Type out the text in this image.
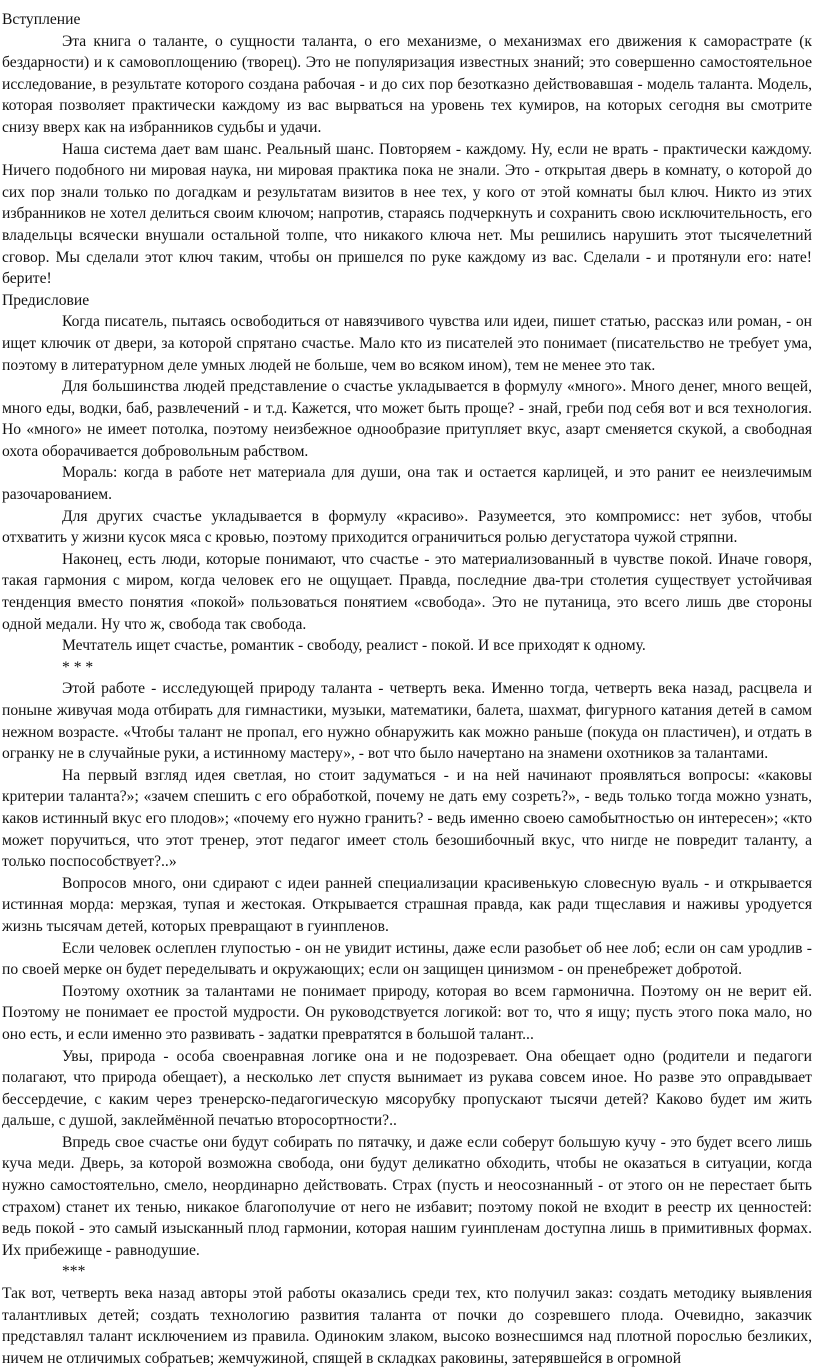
Вступление

Эта книга о таланте, о сущности таланта, о его механизме, о механизмах его движения к саморастрате (к бездарности) и к самовоплощению (творец). Это не популяризация известных знаний; это совершенно самостоятельное исследование, в результате которого создана рабочая - и до сих пор безотказно действовавшая - модель таланта. Модель, которая позволяет практически каждому из вас вырваться на уровень тех кумиров, на которых сегодня вы смотрите снизу вверх как на избранников судьбы и удачи.

Наша система дает вам шанс. Реальный шанс. Повторяем - каждому. Ну, если не врать - практически каждому. Ничего подобного ни мировая наука, ни мировая практика пока не знали. Это - открытая дверь в комнату, о которой до сих пор знали только по догадкам и результатам визитов в нее тех, у кого от этой комнаты был ключ. Никто из этих избранников не хотел делиться своим ключом; напротив, стараясь подчеркнуть и сохранить свою исключительность, его владельцы всячески внушали остальной толпе, что никакого ключа нет. Мы решились нарушить этот тысячелетний сговор. Мы сделали этот ключ таким, чтобы он пришелся по руке каждому из вас. Сделали - и протянули его: нате! берите!

Предисловие

Когда писатель, пытаясь освободиться от навязчивого чувства или идеи, пишет статью, рассказ или роман, - он ищет ключик от двери, за которой спрятано счастье. Мало кто из писателей это понимает (писательство не требует ума, поэтому в литературном деле умных людей не больше, чем во всяком ином), тем не менее это так.

Для большинства людей представление о счастье укладывается в формулу «много». Много денег, много вещей, много еды, водки, баб, развлечений - и т.д. Кажется, что может быть проще? - знай, греби под себя вот и вся технология. Но «много» не имеет потолка, поэтому неизбежное однообразие притупляет вкус, азарт сменяется скукой, а свободная охота оборачивается добровольным рабством.

Мораль: когда в работе нет материала для души, она так и остается карлицей, и это ранит ее неизлечимым разочарованием.

Для других счастье укладывается в формулу «красиво». Разумеется, это компромисс: нет зубов, чтобы отхватить у жизни кусок мяса с кровью, поэтому приходится ограничиться ролью дегустатора чужой стряпни.

Наконец, есть люди, которые понимают, что счастье - это материализованный в чувстве покой. Иначе говоря, такая гармония с миром, когда человек его не ощущает. Правда, последние два-три столетия существует устойчивая тенденция вместо понятия «покой» пользоваться понятием «свобода». Это не путаница, это всего лишь две стороны одной медали. Ну что ж, свобода так свобода.

Мечтатель ищет счастье, романтик - свободу, реалист - покой. И все приходят к одному.

* * *

Этой работе - исследующей природу таланта - четверть века. Именно тогда, четверть века назад, расцвела и поныне живучая мода отбирать для гимнастики, музыки, математики, балета, шахмат, фигурного катания детей в самом нежном возрасте. «Чтобы талант не пропал, его нужно обнаружить как можно раньше (покуда он пластичен), и отдать в огранку не в случайные руки, а истинному мастеру», - вот что было начертано на знамени охотников за талантами.

На первый взгляд идея светлая, но стоит задуматься - и на ней начинают проявляться вопросы: «каковы критерии таланта?»; «зачем спешить с его обработкой, почему не дать ему созреть?», - ведь только тогда можно узнать, каков истинный вкус его плодов»; «почему его нужно гранить? - ведь именно своею самобытностью он интересен»; «кто может поручиться, что этот тренер, этот педагог имеет столь безошибочный вкус, что нигде не повредит таланту, а только поспособствует?..»

Вопросов много, они сдирают с идеи ранней специализации красивенькую словесную вуаль - и открывается истинная морда: мерзкая, тупая и жестокая. Открывается страшная правда, как ради тщеславия и наживы уродуется жизнь тысячам детей, которых превращают в гуинпленов.

Если человек ослеплен глупостью - он не увидит истины, даже если разобьет об нее лоб; если он сам уродлив - по своей мерке он будет переделывать и окружающих; если он защищен цинизмом - он пренебрежет добротой.

Поэтому охотник за талантами не понимает природу, которая во всем гармонична. Поэтому он не верит ей. Поэтому не понимает ее простой мудрости. Он руководствуется логикой: вот то, что я ищу; пусть этого пока мало, но оно есть, и если именно это развивать - задатки превратятся в большой талант...

Увы, природа - особа своенравная логике она и не подозревает. Она обещает одно (родители и педагоги полагают, что природа обещает), а несколько лет спустя вынимает из рукава совсем иное. Но разве это оправдывает бессердечие, с каким через тренерско-педагогическую мясорубку пропускают тысячи детей? Каково будет им жить дальше, с душой, заклеймённой печатью второсортности?..

Впредь свое счастье они будут собирать по пятачку, и даже если соберут большую кучу - это будет всего лишь куча меди. Дверь, за которой возможна свобода, они будут деликатно обходить, чтобы не оказаться в ситуации, когда нужно самостоятельно, смело, неординарно действовать. Страх (пусть и неосознанный - от этого он не перестает быть страхом) станет их тенью, никакое благополучие от него не избавит; поэтому покой не входит в реестр их ценностей: ведь покой - это самый изысканный плод гармонии, которая нашим гуинпленам доступна лишь в примитивных формах. Их прибежище - равнодушие.

***

Так вот, четверть века назад авторы этой работы оказались среди тех, кто получил заказ: создать методику выявления талантливых детей; создать технологию развития таланта от почки до созревшего плода. Очевидно, заказчик представлял талант исключением из правила. Одиноким злаком, высоко вознесшимся над плотной порослью безликих, ничем не отличимых собратьев; жемчужиной, спящей в складках раковины, затерявшейся в огромной
